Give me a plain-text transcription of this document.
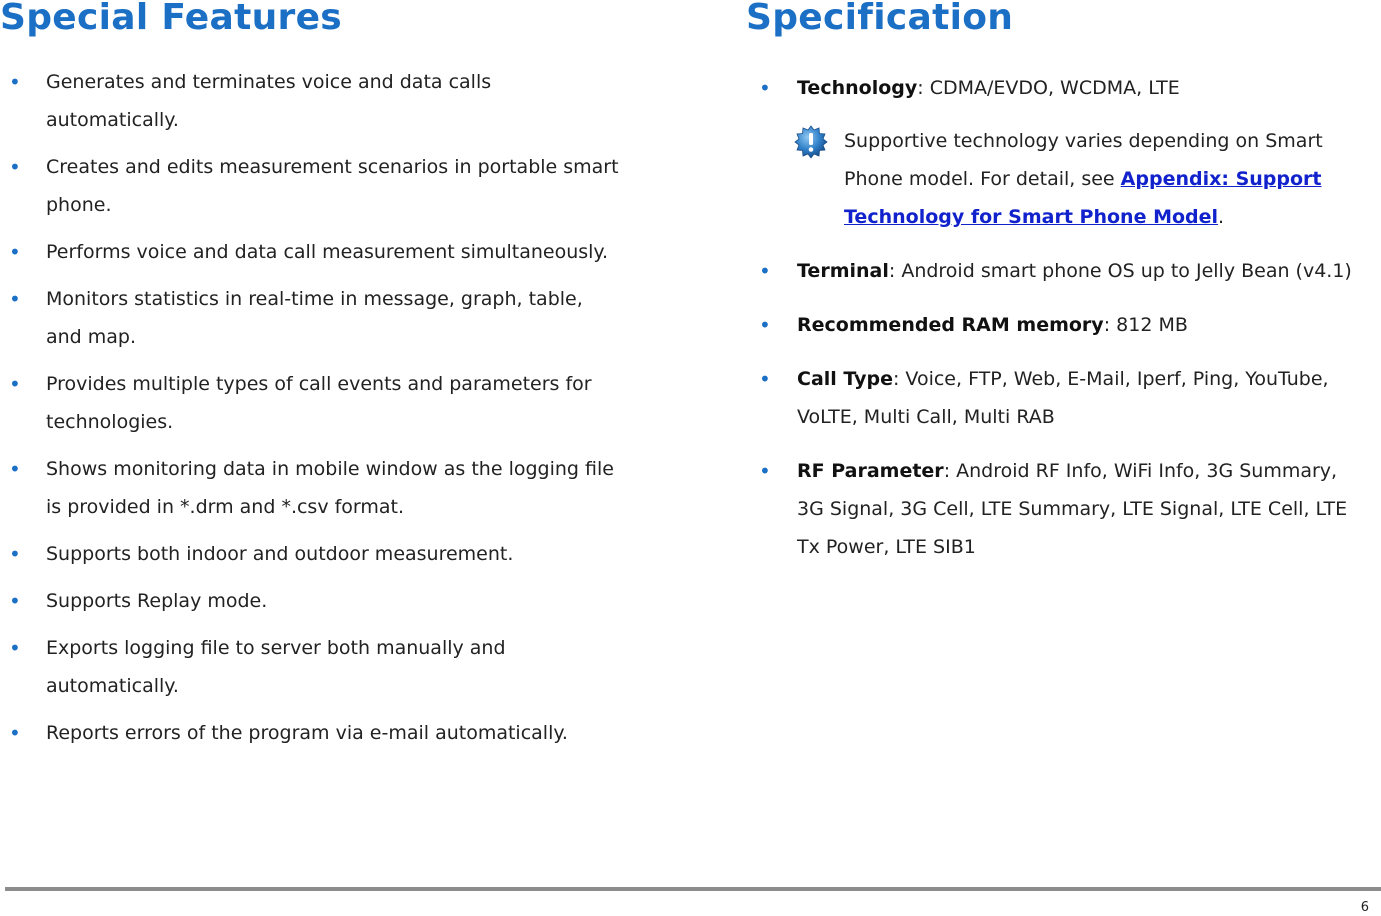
Special Features
• Generates and terminates voice and data calls automatically.
• Creates and edits measurement scenarios in portable smart phone.
• Performs voice and data call measurement simultaneously.
• Monitors statistics in real-time in message, graph, table, and map.
• Provides multiple types of call events and parameters for technologies.
• Shows monitoring data in mobile window as the logging file is provided in *.drm and *.csv format.
• Supports both indoor and outdoor measurement.
• Supports Replay mode.
• Exports logging file to server both manually and automatically.
• Reports errors of the program via e-mail automatically.
Specification
• Technology: CDMA/EVDO, WCDMA, LTE
Supportive technology varies depending on Smart Phone model. For detail, see Appendix: Support Technology for Smart Phone Model.
• Terminal: Android smart phone OS up to Jelly Bean (v4.1)
• Recommended RAM memory: 812 MB
• Call Type: Voice, FTP, Web, E-Mail, Iperf, Ping, YouTube, VoLTE, Multi Call, Multi RAB
• RF Parameter: Android RF Info, WiFi Info, 3G Summary, 3G Signal, 3G Cell, LTE Summary, LTE Signal, LTE Cell, LTE Tx Power, LTE SIB1
6
